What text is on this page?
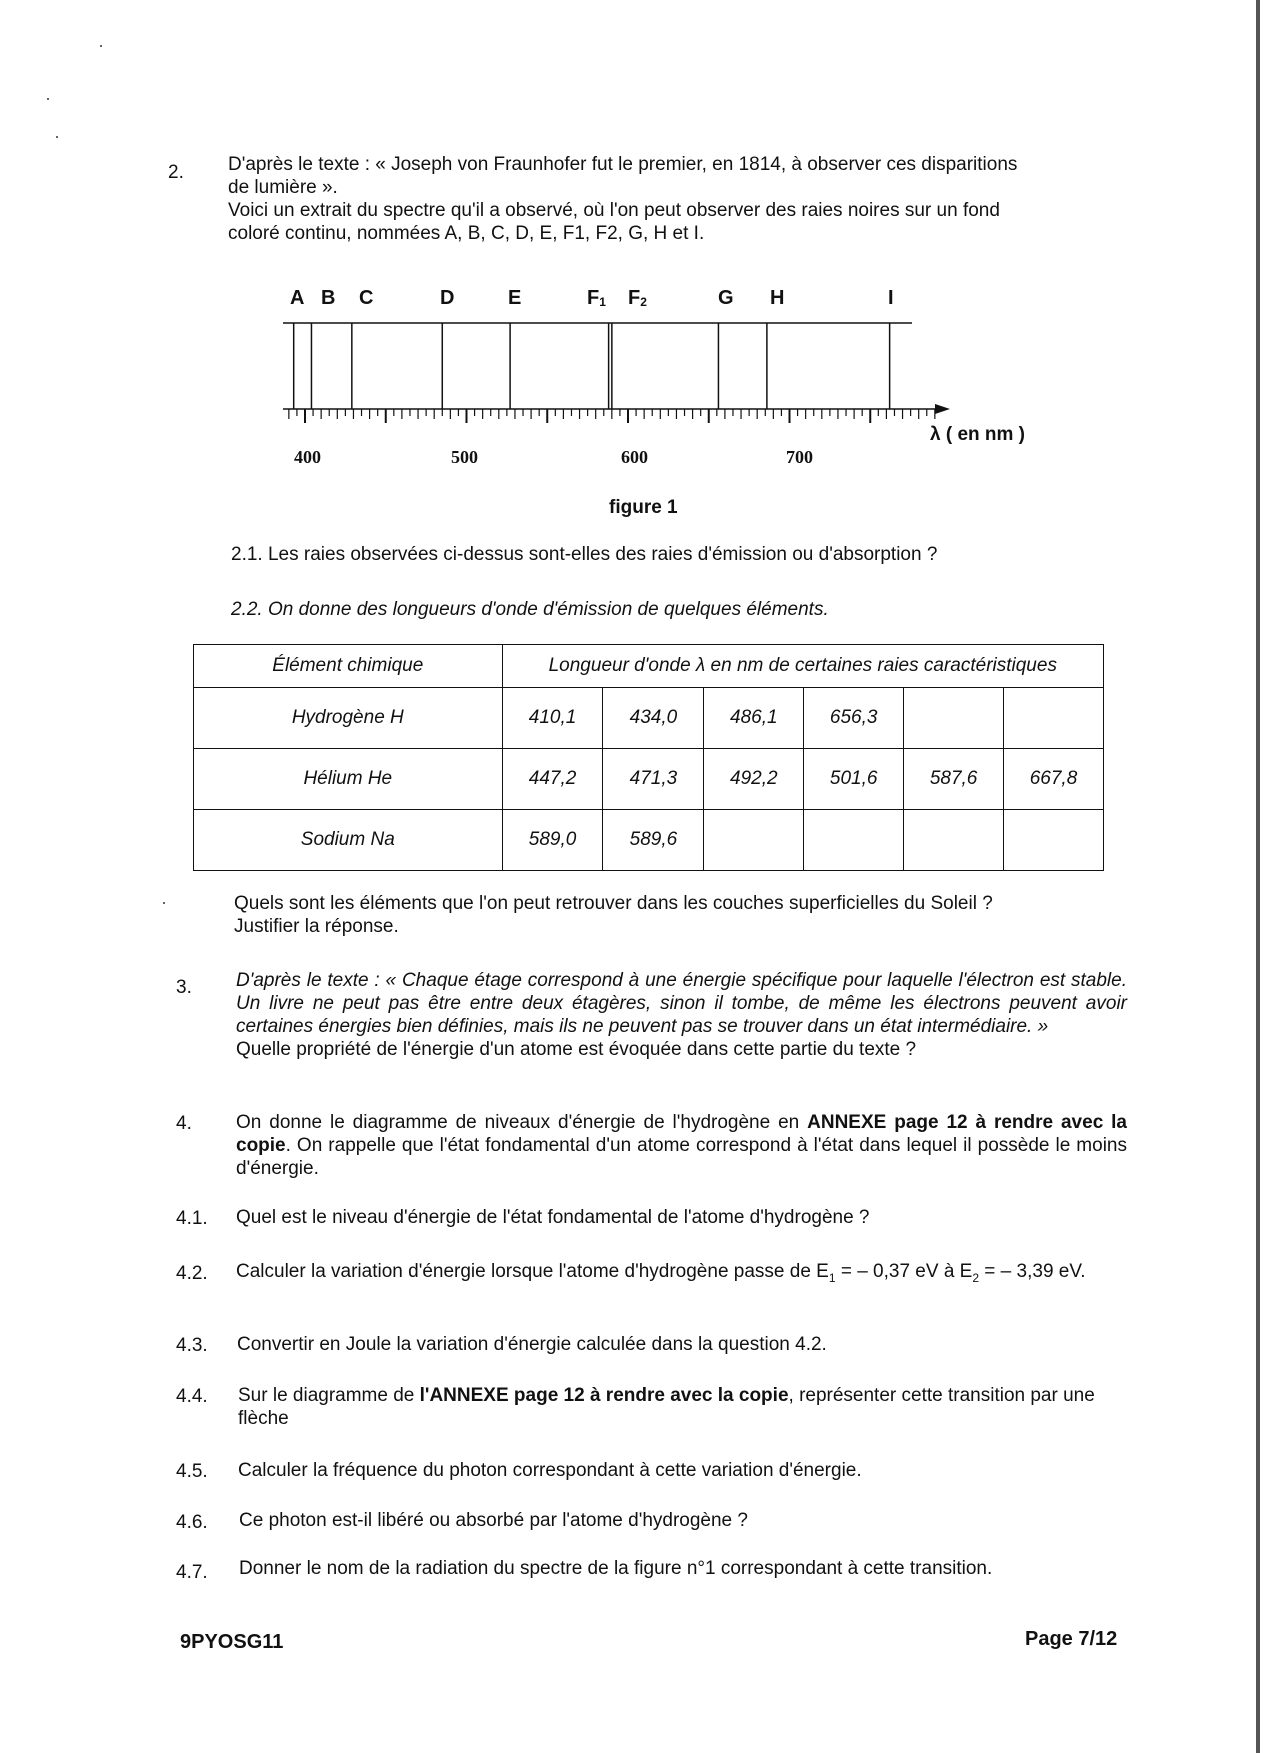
2. D'après le texte : « Joseph von Fraunhofer fut le premier, en 1814, à observer ces disparitions
de lumière ».
Voici un extrait du spectre qu'il a observé, où l'on peut observer des raies noires sur un fond
coloré continu, nommées A, B, C, D, E, F1, F2, G, H et I.
A B C	D	E	F1 F2	G H	I
400	500	600	700
λ ( en nm )
figure 1
2.1. Les raies observées ci-dessus sont-elles des raies d'émission ou d'absorption ?
2.2. On donne des longueurs d'onde d'émission de quelques éléments.
Élément chimique	Longueur d'onde λ en nm de certaines raies caractéristiques					
Hydrogène H	410,1	434,0	486,1	656,3		
Hélium He	447,2	471,3	492,2	501,6	587,6	667,8
Sodium Na	589,0	589,6				
Quels sont les éléments que l'on peut retrouver dans les couches superficielles du Soleil ?
Justifier la réponse.
3. D'après le texte : « Chaque étage correspond à une énergie spécifique pour laquelle l'électron est stable. Un livre ne peut pas être entre deux étagères, sinon il tombe, de même les électrons peuvent avoir certaines énergies bien définies, mais ils ne peuvent pas se trouver dans un état intermédiaire. »
Quelle propriété de l'énergie d'un atome est évoquée dans cette partie du texte ?
4. On donne le diagramme de niveaux d'énergie de l'hydrogène en ANNEXE page 12 à rendre avec la copie. On rappelle que l'état fondamental d'un atome correspond à l'état dans lequel il possède le moins d'énergie.
4.1. Quel est le niveau d'énergie de l'état fondamental de l'atome d'hydrogène ?
4.2. Calculer la variation d'énergie lorsque l'atome d'hydrogène passe de $E_1$ = – 0,37 eV à $E_2$ = – 3,39 eV.
4.3. Convertir en Joule la variation d'énergie calculée dans la question 4.2.
4.4. Sur le diagramme de l'ANNEXE page 12 à rendre avec la copie, représenter cette transition par une flèche
4.5. Calculer la fréquence du photon correspondant à cette variation d'énergie.
4.6. Ce photon est-il libéré ou absorbé par l'atome d'hydrogène ?
4.7. Donner le nom de la radiation du spectre de la figure n°1 correspondant à cette transition.
9PYOSG11	Page 7/12
